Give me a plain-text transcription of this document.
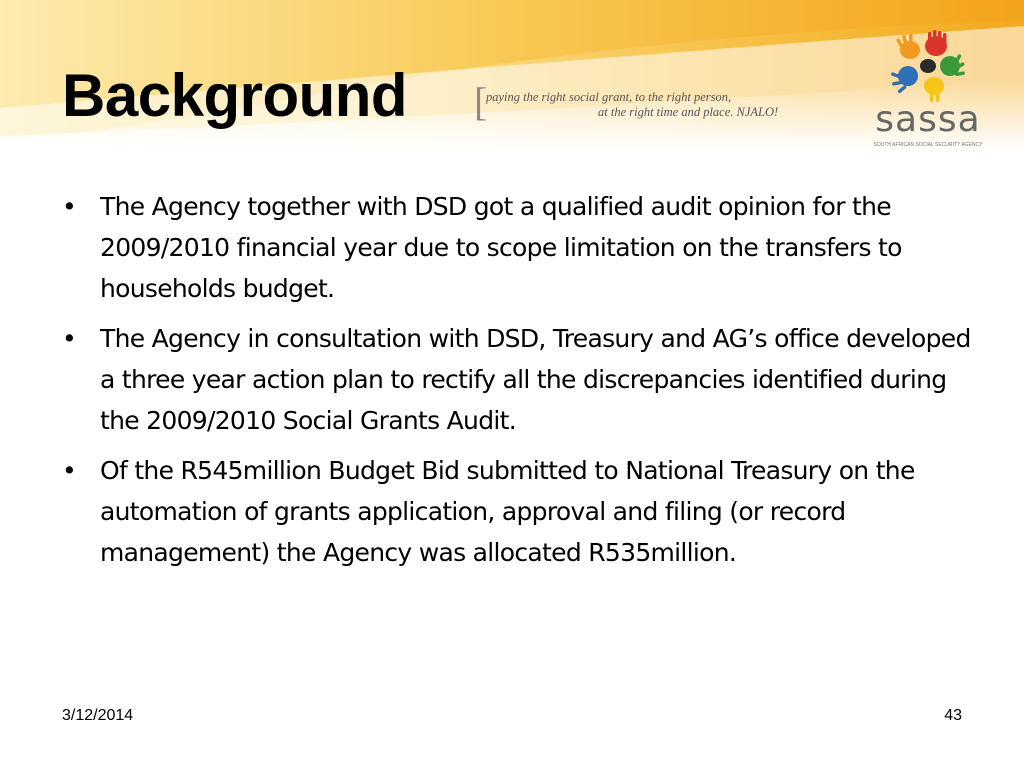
Background [
paying the right social grant, to the right person,
at the right time and place. NJALO!	sassa
SOUTH AFRICAN SOCIAL SECURITY AGENCY
• The Agency together with DSD got a qualified audit opinion for the 2009/2010 financial year due to scope limitation on the transfers to households budget.
• The Agency in consultation with DSD, Treasury and AG’s office developed a three year action plan to rectify all the discrepancies identified during the 2009/2010 Social Grants Audit.
• Of the R545million Budget Bid submitted to National Treasury on the automation of grants application, approval and filing (or record management) the Agency was allocated R535million.
3/12/2014	43
